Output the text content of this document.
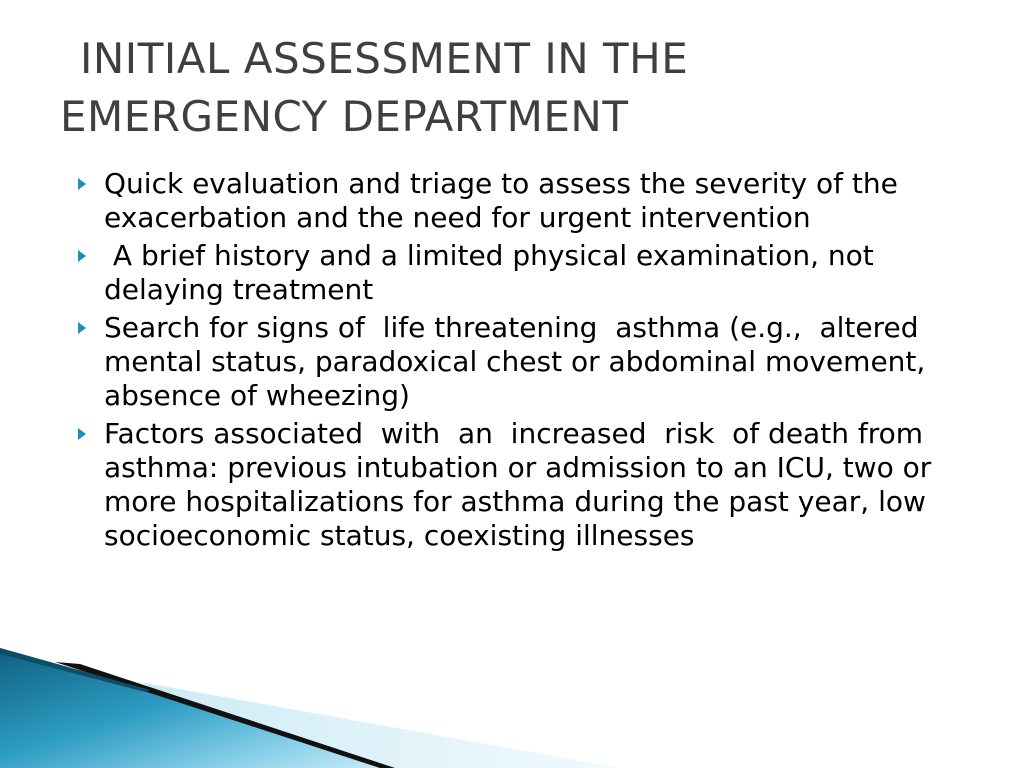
INITIAL ASSESSMENT IN THE
EMERGENCY DEPARTMENT
Quick evaluation and triage to assess the severity of the exacerbation and the need for urgent intervention
A brief history and a limited physical examination, not delaying treatment
Search for signs of  life threatening  asthma (e.g.,  altered  mental status, paradoxical chest or abdominal movement, absence of wheezing)
Factors associated  with  an  increased  risk  of death from asthma: previous intubation or admission to an ICU, two or more hospitalizations for asthma during the past year, low socioeconomic status, coexisting illnesses
